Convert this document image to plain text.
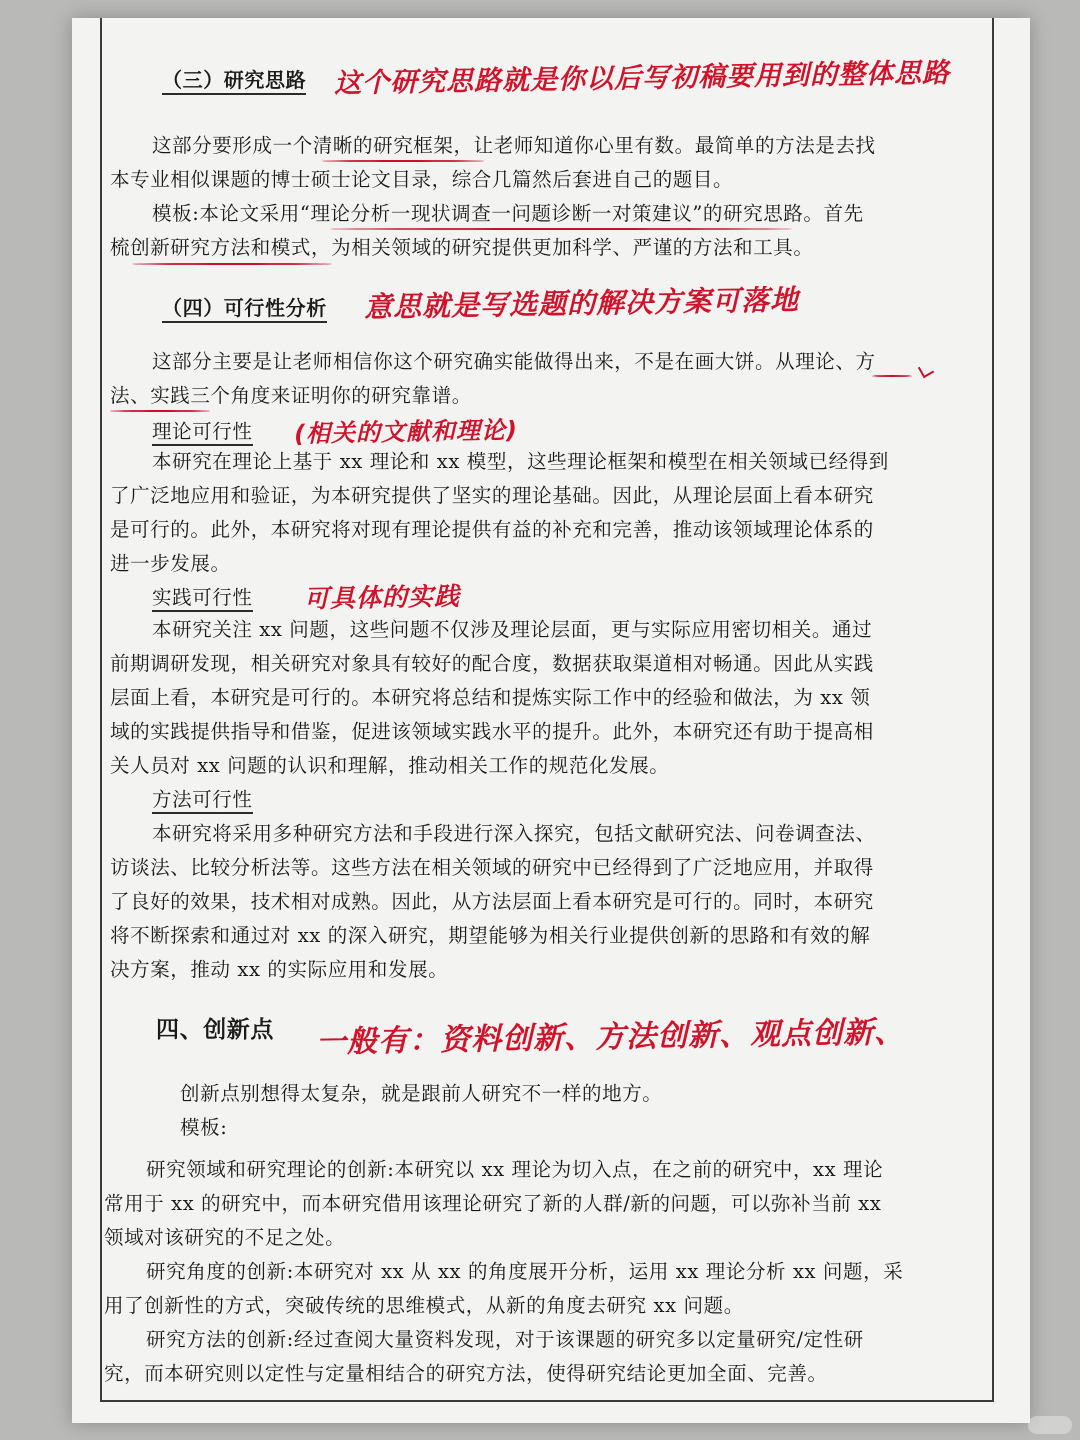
（三）研究思路 这个研究思路就是你以后写初稿要用到的整体思路
这部分要形成一个清晰的研究框架，让老师知道你心里有数。最简单的方法是去找
本专业相似课题的博士硕士论文目录，综合几篇然后套进自己的题目。
模板:本论文采用“理论分析一现状调查一问题诊断一对策建议”的研究思路。首先
梳创新研究方法和模式，为相关领域的研究提供更加科学、严谨的方法和工具。
（四）可行性分析 意思就是写选题的解决方案可落地
这部分主要是让老师相信你这个研究确实能做得出来，不是在画大饼。从理论、方
法、实践三个角度来证明你的研究靠谱。
理论可行性 (相关的文献和理论)
本研究在理论上基于 xx 理论和 xx 模型，这些理论框架和模型在相关领域已经得到
了广泛地应用和验证，为本研究提供了坚实的理论基础。因此，从理论层面上看本研究
是可行的。此外，本研究将对现有理论提供有益的补充和完善，推动该领域理论体系的
进一步发展。
实践可行性 可具体的实践
本研究关注 xx 问题，这些问题不仅涉及理论层面，更与实际应用密切相关。通过
前期调研发现，相关研究对象具有较好的配合度，数据获取渠道相对畅通。因此从实践
层面上看，本研究是可行的。本研究将总结和提炼实际工作中的经验和做法，为 xx 领
域的实践提供指导和借鉴，促进该领域实践水平的提升。此外，本研究还有助于提高相
关人员对 xx 问题的认识和理解，推动相关工作的规范化发展。
方法可行性
本研究将采用多种研究方法和手段进行深入探究，包括文献研究法、问卷调查法、
访谈法、比较分析法等。这些方法在相关领域的研究中已经得到了广泛地应用，并取得
了良好的效果，技术相对成熟。因此，从方法层面上看本研究是可行的。同时，本研究
将不断探索和通过对 xx 的深入研究，期望能够为相关行业提供创新的思路和有效的解
决方案，推动 xx 的实际应用和发展。
四、创新点 一般有：资料创新、方法创新、观点创新、
创新点别想得太复杂，就是跟前人研究不一样的地方。
模板:
研究领域和研究理论的创新:本研究以 xx 理论为切入点，在之前的研究中，xx 理论
常用于 xx 的研究中，而本研究借用该理论研究了新的人群/新的问题，可以弥补当前 xx
领域对该研究的不足之处。
研究角度的创新:本研究对 xx 从 xx 的角度展开分析，运用 xx 理论分析 xx 问题，采
用了创新性的方式，突破传统的思维模式，从新的角度去研究 xx 问题。
研究方法的创新:经过查阅大量资料发现，对于该课题的研究多以定量研究/定性研
究，而本研究则以定性与定量相结合的研究方法，使得研究结论更加全面、完善。
